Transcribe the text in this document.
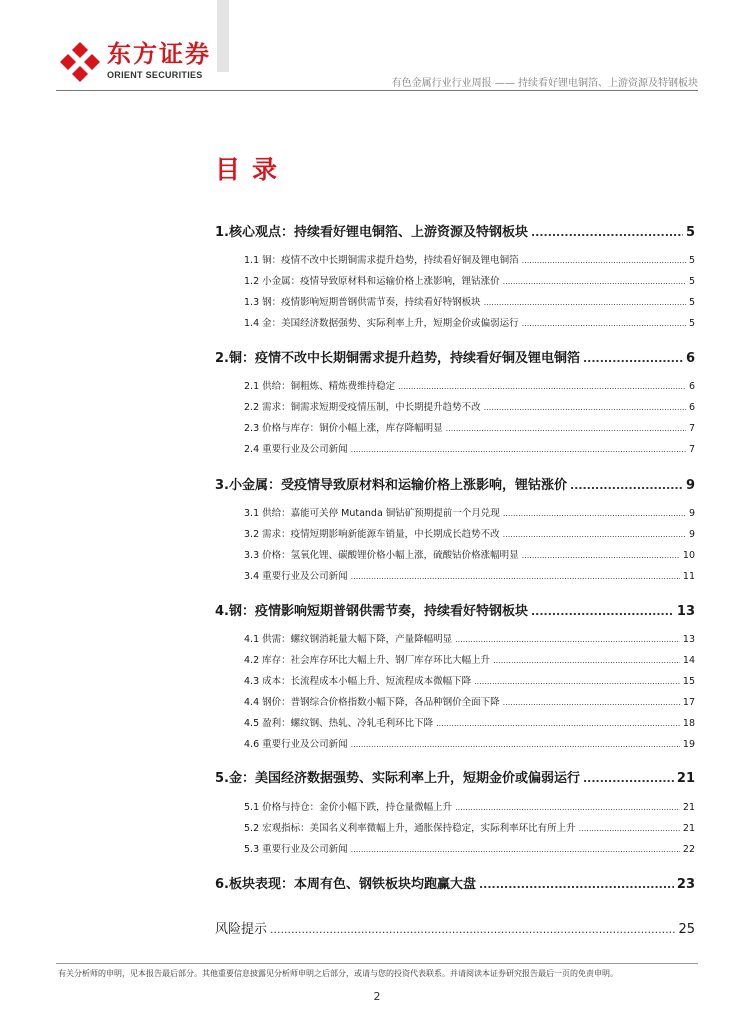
东方证券
ORIENT SECURITIES
有色金属行业行业周报 —— 持续看好锂电铜箔、上游资源及特钢板块
目录
1.核心观点：持续看好锂电铜箔、上游资源及特钢板块 .....	5
1.1 铜：疫情不改中长期铜需求提升趋势，持续看好铜及锂电铜箔 .....	5
1.2 小金属：疫情导致原材料和运输价格上涨影响，锂钴涨价 .....	5
1.3 钢：疫情影响短期普钢供需节奏，持续看好特钢板块 .....	5
1.4 金：美国经济数据强势、实际利率上升，短期金价或偏弱运行 .....	5
2.铜：疫情不改中长期铜需求提升趋势，持续看好铜及锂电铜箔 .....	6
2.1 供给：铜粗炼、精炼费维持稳定 .....	6
2.2 需求：铜需求短期受疫情压制，中长期提升趋势不改 .....	6
2.3 价格与库存：铜价小幅上涨，库存降幅明显 .....	7
2.4 重要行业及公司新闻 .....	7
3.小金属：受疫情导致原材料和运输价格上涨影响，锂钴涨价 .....	9
3.1 供给：嘉能可关停 Mutanda 铜钴矿预期提前一个月兑现 .....	9
3.2 需求：疫情短期影响新能源车销量，中长期成长趋势不改 .....	9
3.3 价格：氢氧化锂、碳酸锂价格小幅上涨，硫酸钴价格涨幅明显 .....	10
3.4 重要行业及公司新闻 .....	11
4.钢：疫情影响短期普钢供需节奏，持续看好特钢板块 .....	13
4.1 供需：螺纹钢消耗量大幅下降，产量降幅明显 .....	13
4.2 库存：社会库存环比大幅上升、钢厂库存环比大幅上升 .....	14
4.3 成本：长流程成本小幅上升、短流程成本微幅下降 .....	15
4.4 钢价：普钢综合价格指数小幅下降，各品种钢价全面下降 .....	17
4.5 盈利：螺纹钢、热轧、冷轧毛利环比下降 .....	18
4.6 重要行业及公司新闻 .....	19
5.金：美国经济数据强势、实际利率上升，短期金价或偏弱运行 .....	21
5.1 价格与持仓：金价小幅下跌，持仓量微幅上升 .....	21
5.2 宏观指标：美国名义利率微幅上升，通胀保持稳定，实际利率环比有所上升 .....	21
5.3 重要行业及公司新闻 .....	22
6.板块表现：本周有色、钢铁板块均跑赢大盘 .....	23
风险提示 .....	25
有关分析师的申明，见本报告最后部分。其他重要信息披露见分析师申明之后部分，或请与您的投资代表联系。并请阅读本证券研究报告最后一页的免责申明。
2
